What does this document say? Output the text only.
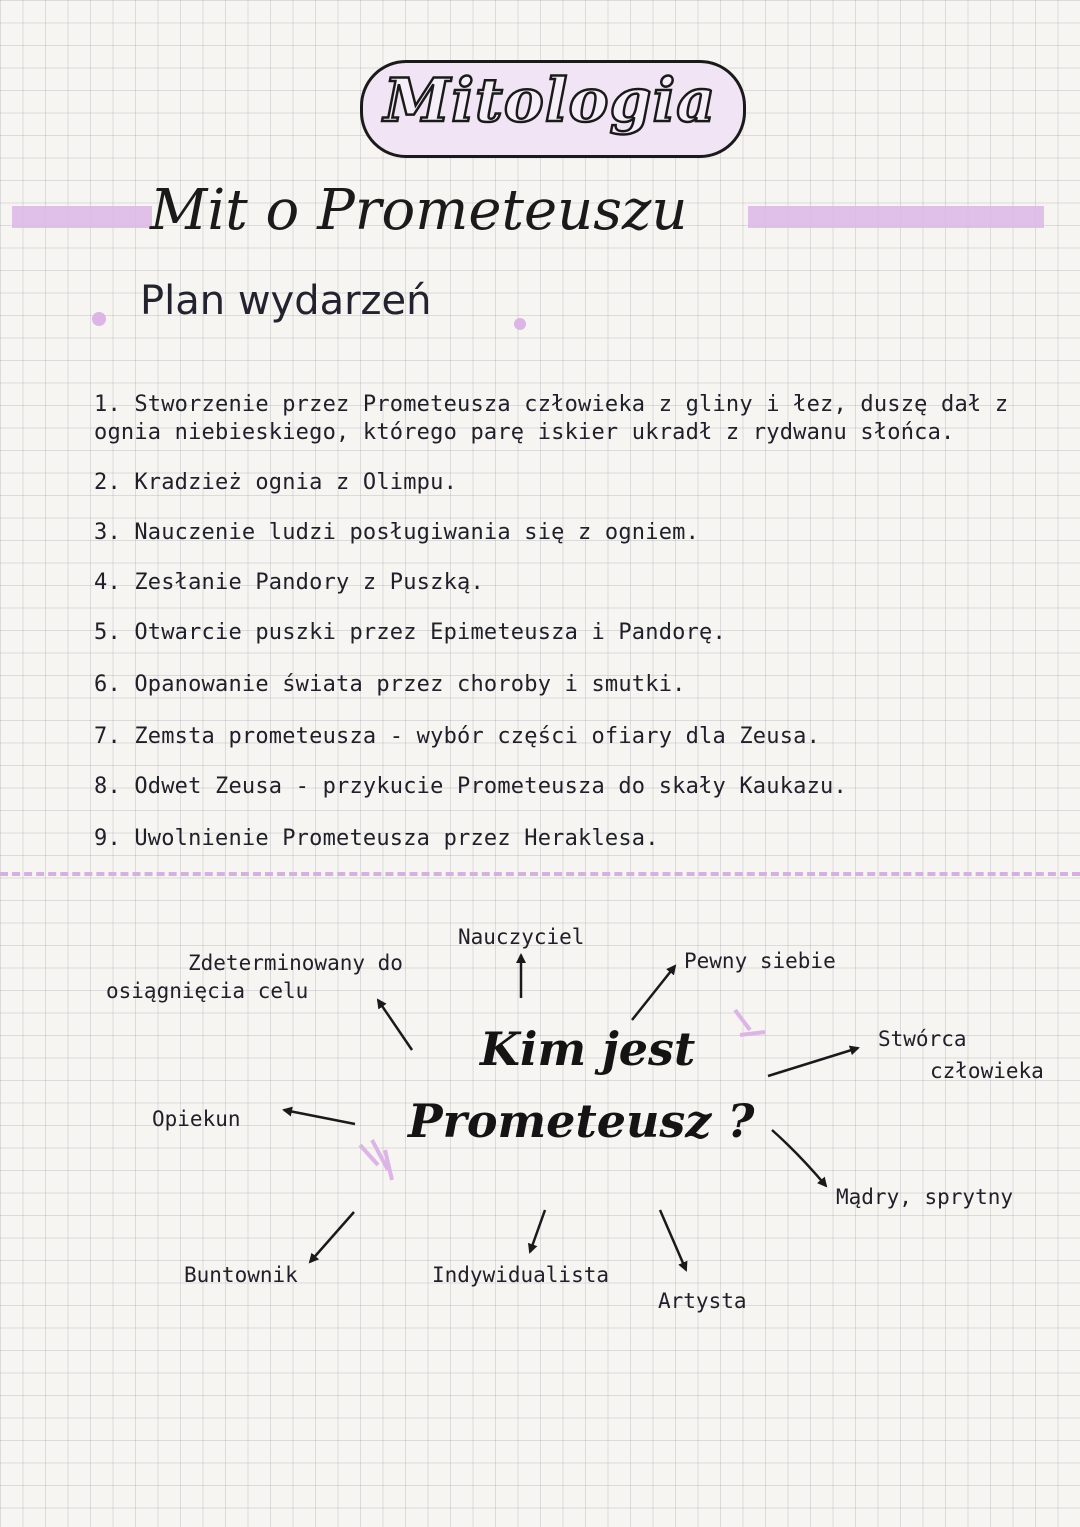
Mitologia
Mit o Prometeuszu
Plan wydarzeń
1. Stworzenie przez Prometeusza człowieka z gliny i łez, duszę dał z
ognia niebieskiego, którego parę iskier ukradł z rydwanu słońca.
2. Kradzież ognia z Olimpu.
3. Nauczenie ludzi posługiwania się z ogniem.
4. Zesłanie Pandory z Puszką.
5. Otwarcie puszki przez Epimeteusza i Pandorę.
6. Opanowanie świata przez choroby i smutki.
7. Zemsta prometeusza - wybór części ofiary dla Zeusa.
8. Odwet Zeusa - przykucie Prometeusza do skały Kaukazu.
9. Uwolnienie Prometeusza przez Heraklesa.
Kim jest
Prometeusz ?
Zdeterminowany do
osiągnięcia celu
Nauczyciel
Pewny siebie
Stwórca
człowieka
Opiekun
Mądry, sprytny
Buntownik	Indywidualista
Artysta
